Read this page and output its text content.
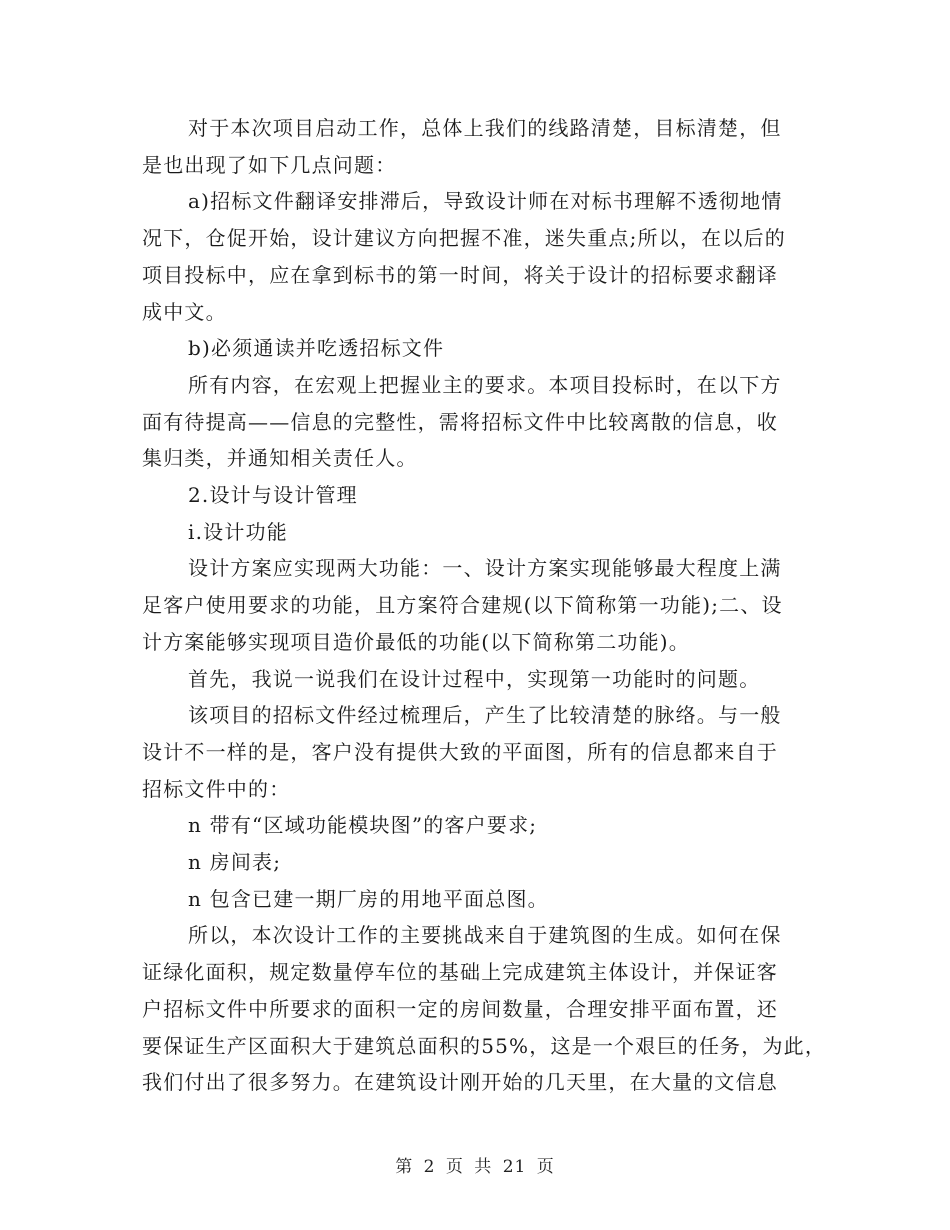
对于本次项目启动工作，总体上我们的线路清楚，目标清楚，但

是也出现了如下几点问题：

a)招标文件翻译安排滞后，导致设计师在对标书理解不透彻地情

况下，仓促开始，设计建议方向把握不准，迷失重点;所以，在以后的

项目投标中，应在拿到标书的第一时间，将关于设计的招标要求翻译

成中文。

b)必须通读并吃透招标文件

所有内容，在宏观上把握业主的要求。本项目投标时，在以下方

面有待提高——信息的完整性，需将招标文件中比较离散的信息，收

集归类，并通知相关责任人。

2.设计与设计管理

i.设计功能

设计方案应实现两大功能：一、设计方案实现能够最大程度上满

足客户使用要求的功能，且方案符合建规(以下简称第一功能);二、设

计方案能够实现项目造价最低的功能(以下简称第二功能)。

首先，我说一说我们在设计过程中，实现第一功能时的问题。

该项目的招标文件经过梳理后，产生了比较清楚的脉络。与一般

设计不一样的是，客户没有提供大致的平面图，所有的信息都来自于

招标文件中的：

n 带有“区域功能模块图”的客户要求;

n 房间表;

n 包含已建一期厂房的用地平面总图。

所以，本次设计工作的主要挑战来自于建筑图的生成。如何在保

证绿化面积，规定数量停车位的基础上完成建筑主体设计，并保证客

户招标文件中所要求的面积一定的房间数量，合理安排平面布置，还

要保证生产区面积大于建筑总面积的55%，这是一个艰巨的任务，为此，

我们付出了很多努力。在建筑设计刚开始的几天里，在大量的文信息

第 2 页 共 21 页
